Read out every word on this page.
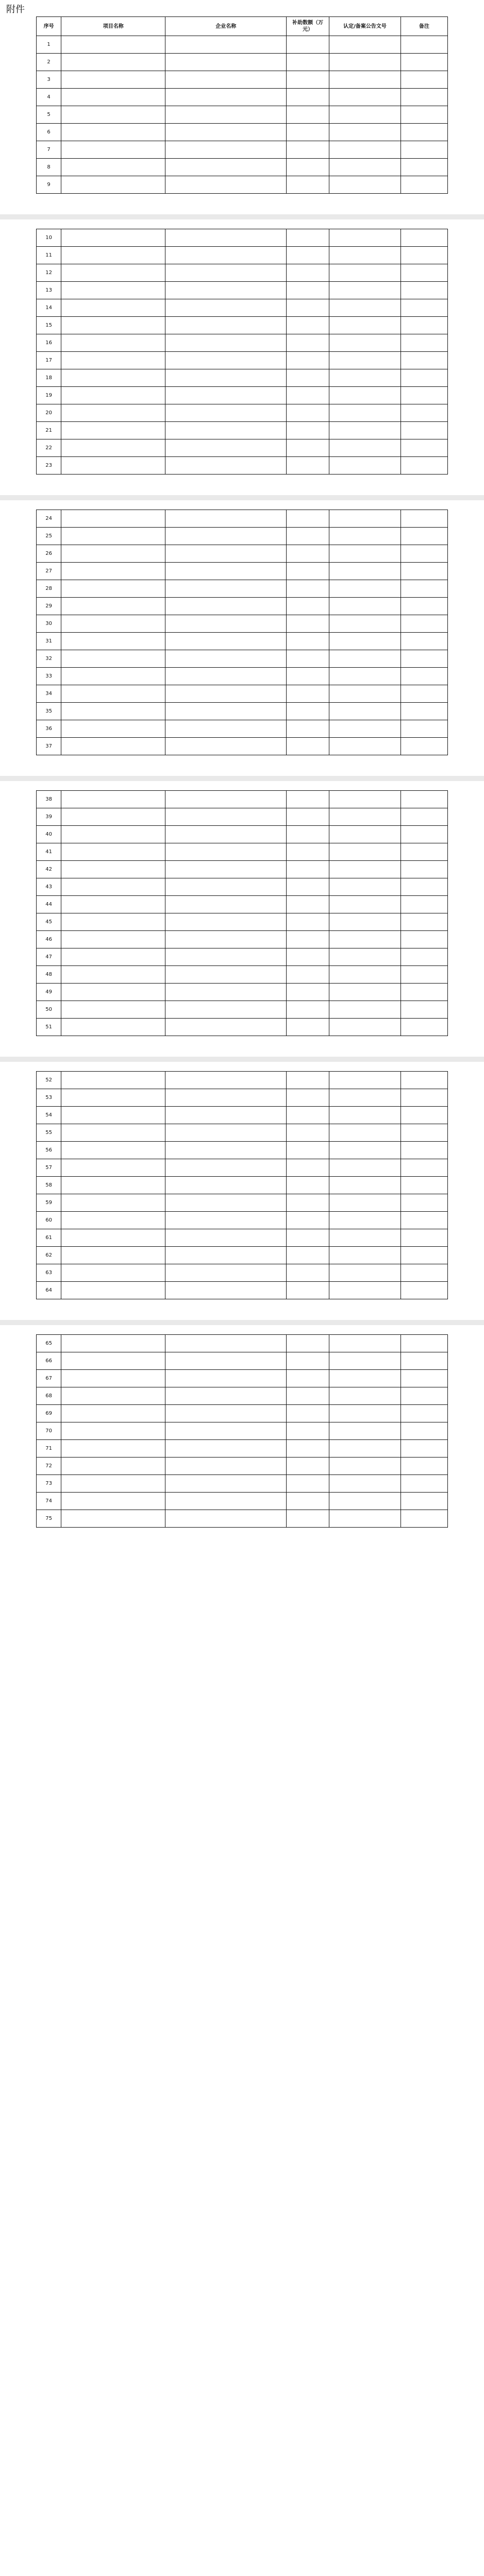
附件
序号	项目名称	企业名称	补助数额（万元）	认定/备案公告文号	备注
1					
2					
3					
4					
5					
6					
7					
8					
9					
10					
11					
12					
13					
14					
15					
16					
17					
18					
19					
20					
21					
22					
23					
24					
25					
26					
27					
28					
29					
30					
31					
32					
33					
34					
35					
36					
37					
38					
39					
40					
41					
42					
43					
44					
45					
46					
47					
48					
49					
50					
51					
52					
53					
54					
55					
56					
57					
58					
59					
60					
61					
62					
63					
64					
65					
66					
67					
68					
69					
70					
71					
72					
73					
74					
75					
